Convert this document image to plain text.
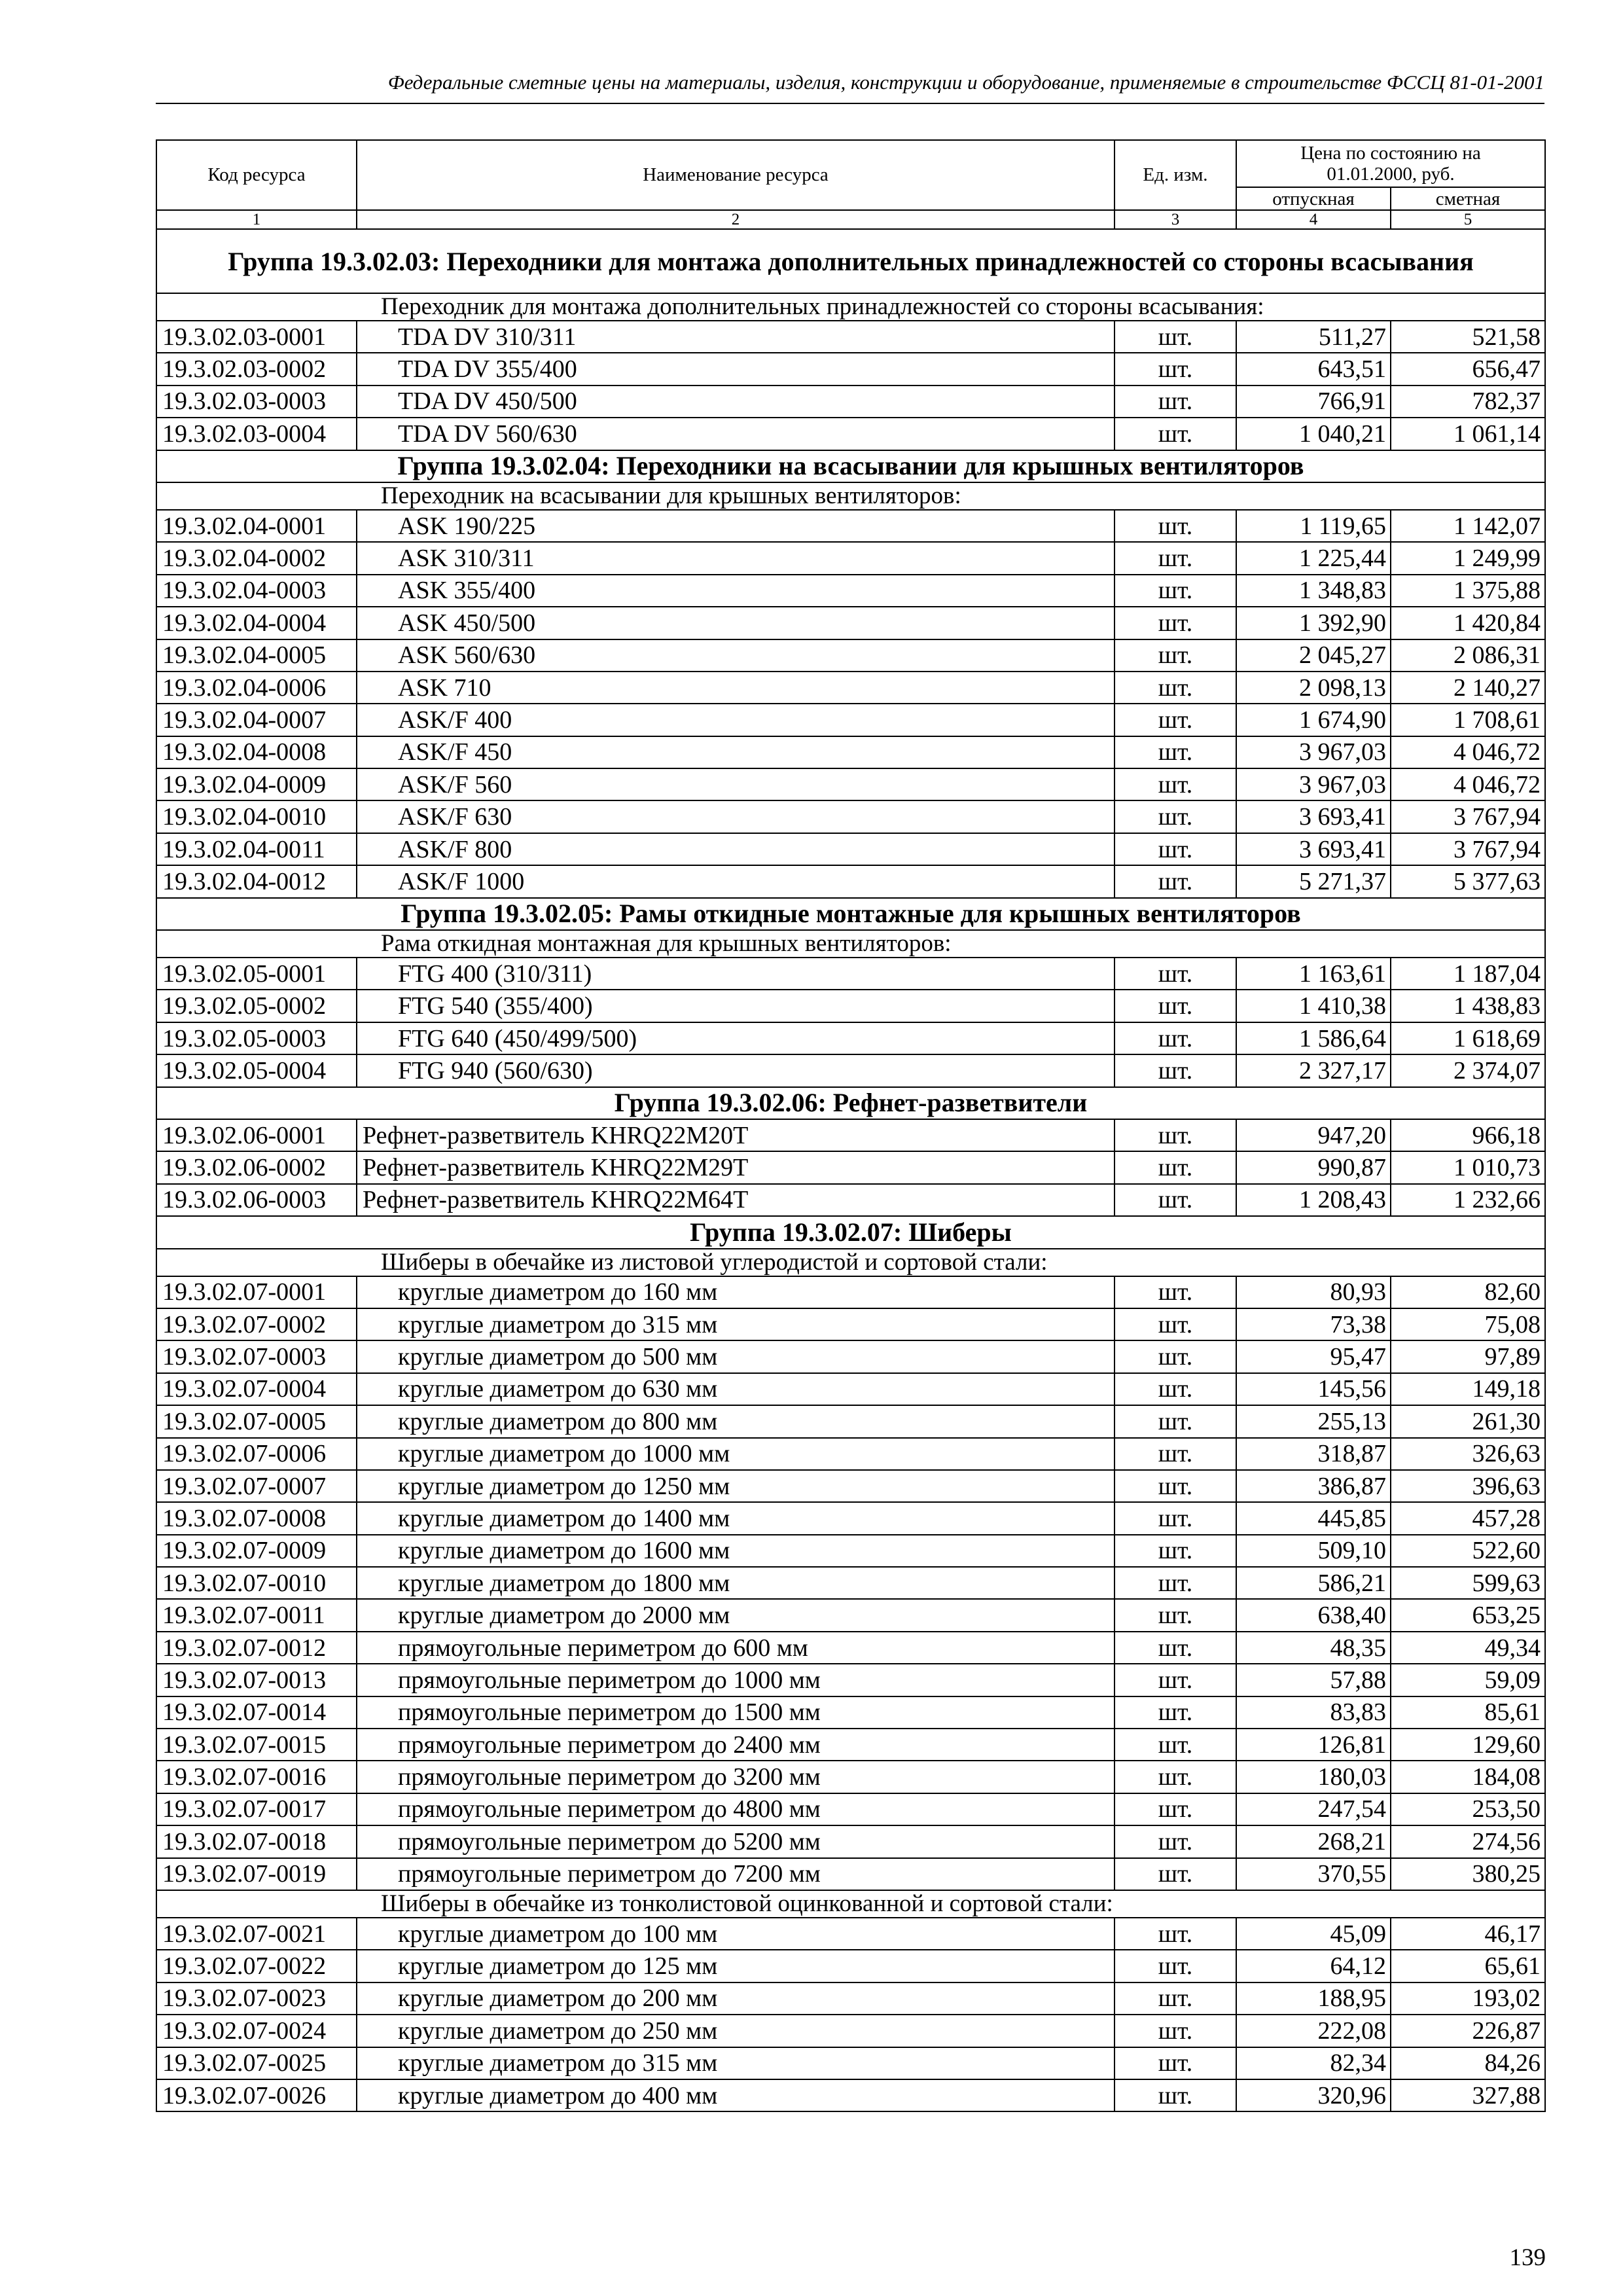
Федеральные сметные цены на материалы, изделия, конструкции и оборудование, применяемые в строительстве ФССЦ 81-01-2001
Код ресурса	Наименование ресурса	Ед. изм.	Цена по состоянию на 01.01.2000, руб.	
			отпускная	сметная
1	2	3	4	5
Группа 19.3.02.03: Переходники для монтажа дополнительных принадлежностей со стороны всасывания				
Переходник для монтажа дополнительных принадлежностей со стороны всасывания:				
19.3.02.03-0001	TDA DV 310/311	шт.	511,27	521,58
19.3.02.03-0002	TDA DV 355/400	шт.	643,51	656,47
19.3.02.03-0003	TDA DV 450/500	шт.	766,91	782,37
19.3.02.03-0004	TDA DV 560/630	шт.	1 040,21	1 061,14
Группа 19.3.02.04: Переходники на всасывании для крышных вентиляторов				
Переходник на всасывании для крышных вентиляторов:				
19.3.02.04-0001	ASK 190/225	шт.	1 119,65	1 142,07
19.3.02.04-0002	ASK 310/311	шт.	1 225,44	1 249,99
19.3.02.04-0003	ASK 355/400	шт.	1 348,83	1 375,88
19.3.02.04-0004	ASK 450/500	шт.	1 392,90	1 420,84
19.3.02.04-0005	ASK 560/630	шт.	2 045,27	2 086,31
19.3.02.04-0006	ASK 710	шт.	2 098,13	2 140,27
19.3.02.04-0007	ASK/F 400	шт.	1 674,90	1 708,61
19.3.02.04-0008	ASK/F 450	шт.	3 967,03	4 046,72
19.3.02.04-0009	ASK/F 560	шт.	3 967,03	4 046,72
19.3.02.04-0010	ASK/F 630	шт.	3 693,41	3 767,94
19.3.02.04-0011	ASK/F 800	шт.	3 693,41	3 767,94
19.3.02.04-0012	ASK/F 1000	шт.	5 271,37	5 377,63
Группа 19.3.02.05: Рамы откидные монтажные для крышных вентиляторов				
Рама откидная монтажная для крышных вентиляторов:				
19.3.02.05-0001	FTG 400 (310/311)	шт.	1 163,61	1 187,04
19.3.02.05-0002	FTG 540 (355/400)	шт.	1 410,38	1 438,83
19.3.02.05-0003	FTG 640 (450/499/500)	шт.	1 586,64	1 618,69
19.3.02.05-0004	FTG 940 (560/630)	шт.	2 327,17	2 374,07
Группа 19.3.02.06: Рефнет-разветвители				
19.3.02.06-0001	Рефнет-разветвитель KHRQ22M20T	шт.	947,20	966,18
19.3.02.06-0002	Рефнет-разветвитель KHRQ22M29T	шт.	990,87	1 010,73
19.3.02.06-0003	Рефнет-разветвитель KHRQ22M64T	шт.	1 208,43	1 232,66
Группа 19.3.02.07: Шиберы				
Шиберы в обечайке из листовой углеродистой и сортовой стали:				
19.3.02.07-0001	круглые диаметром до 160 мм	шт.	80,93	82,60
19.3.02.07-0002	круглые диаметром до 315 мм	шт.	73,38	75,08
19.3.02.07-0003	круглые диаметром до 500 мм	шт.	95,47	97,89
19.3.02.07-0004	круглые диаметром до 630 мм	шт.	145,56	149,18
19.3.02.07-0005	круглые диаметром до 800 мм	шт.	255,13	261,30
19.3.02.07-0006	круглые диаметром до 1000 мм	шт.	318,87	326,63
19.3.02.07-0007	круглые диаметром до 1250 мм	шт.	386,87	396,63
19.3.02.07-0008	круглые диаметром до 1400 мм	шт.	445,85	457,28
19.3.02.07-0009	круглые диаметром до 1600 мм	шт.	509,10	522,60
19.3.02.07-0010	круглые диаметром до 1800 мм	шт.	586,21	599,63
19.3.02.07-0011	круглые диаметром до 2000 мм	шт.	638,40	653,25
19.3.02.07-0012	прямоугольные периметром до 600 мм	шт.	48,35	49,34
19.3.02.07-0013	прямоугольные периметром до 1000 мм	шт.	57,88	59,09
19.3.02.07-0014	прямоугольные периметром до 1500 мм	шт.	83,83	85,61
19.3.02.07-0015	прямоугольные периметром до 2400 мм	шт.	126,81	129,60
19.3.02.07-0016	прямоугольные периметром до 3200 мм	шт.	180,03	184,08
19.3.02.07-0017	прямоугольные периметром до 4800 мм	шт.	247,54	253,50
19.3.02.07-0018	прямоугольные периметром до 5200 мм	шт.	268,21	274,56
19.3.02.07-0019	прямоугольные периметром до 7200 мм	шт.	370,55	380,25
Шиберы в обечайке из тонколистовой оцинкованной и сортовой стали:				
19.3.02.07-0021	круглые диаметром до 100 мм	шт.	45,09	46,17
19.3.02.07-0022	круглые диаметром до 125 мм	шт.	64,12	65,61
19.3.02.07-0023	круглые диаметром до 200 мм	шт.	188,95	193,02
19.3.02.07-0024	круглые диаметром до 250 мм	шт.	222,08	226,87
19.3.02.07-0025	круглые диаметром до 315 мм	шт.	82,34	84,26
19.3.02.07-0026	круглые диаметром до 400 мм	шт.	320,96	327,88
139
